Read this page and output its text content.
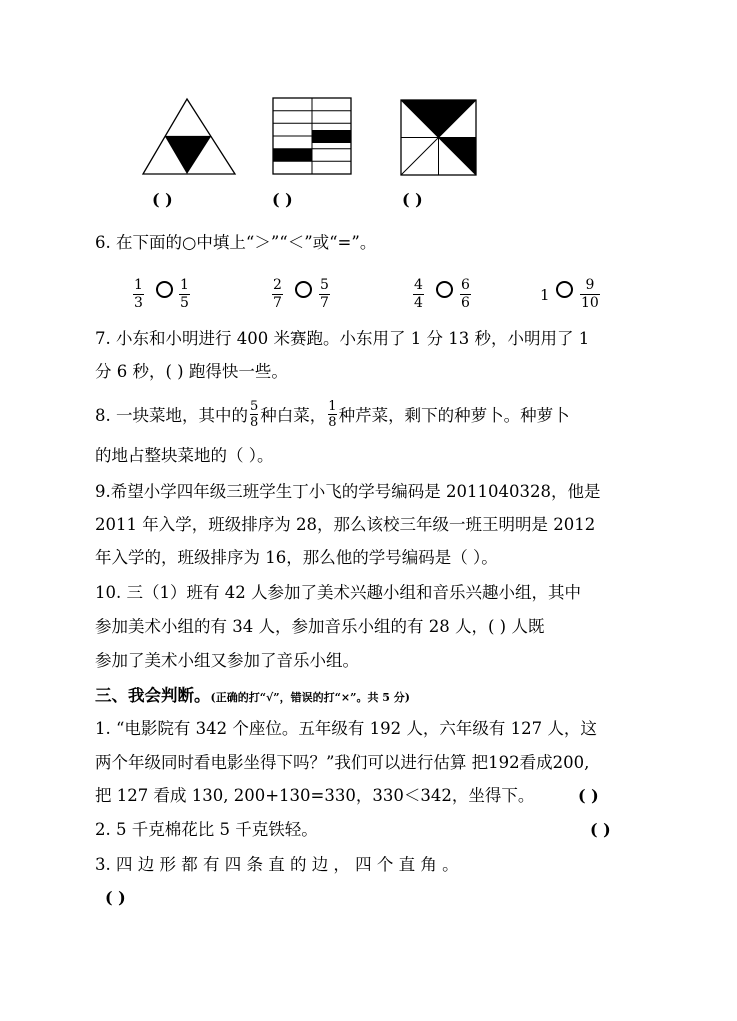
( )	( )	( )
6. 在下面的○中填上“＞”“＜”或“=”。
1
3
1
5
2
7
5
7
4
4
6
6	1
9
10
7. 小东和小明进行 400 米赛跑。小东用了 1 分 13 秒，小明用了 1
分 6 秒，( ) 跑得快一些。
8. 一块菜地，其中的 $\frac{5}{8}$ 种白菜， $\frac{1}{8}$ 种芹菜，剩下的种萝卜。种萝卜
的地占整块菜地的（ ）。
9.希望小学四年级三班学生丁小飞的学号编码是 2011040328，他是
2011 年入学，班级排序为 28，那么该校三年级一班王明明是 2012
年入学的，班级排序为 16，那么他的学号编码是（ ）。
10. 三（1）班有 42 人参加了美术兴趣小组和音乐兴趣小组，其中
参加美术小组的有 34 人，参加音乐小组的有 28 人，( ) 人既
参加了美术小组又参加了音乐小组。
三、我会判断。(正确的打“√”，错误的打“×”。共 5 分)
1. “电影院有 342 个座位。五年级有 192 人，六年级有 127 人，这
两个年级同时看电影坐得下吗？”我们可以进行估算 把192看成200,
把 127 看成 130, 200+130=330，330＜342，坐得下。	( )
2. 5 千克棉花比 5 千克铁轻。	( )
3. 四 边 形 都 有 四 条 直 的 边 ， 四 个 直 角 。
( )
